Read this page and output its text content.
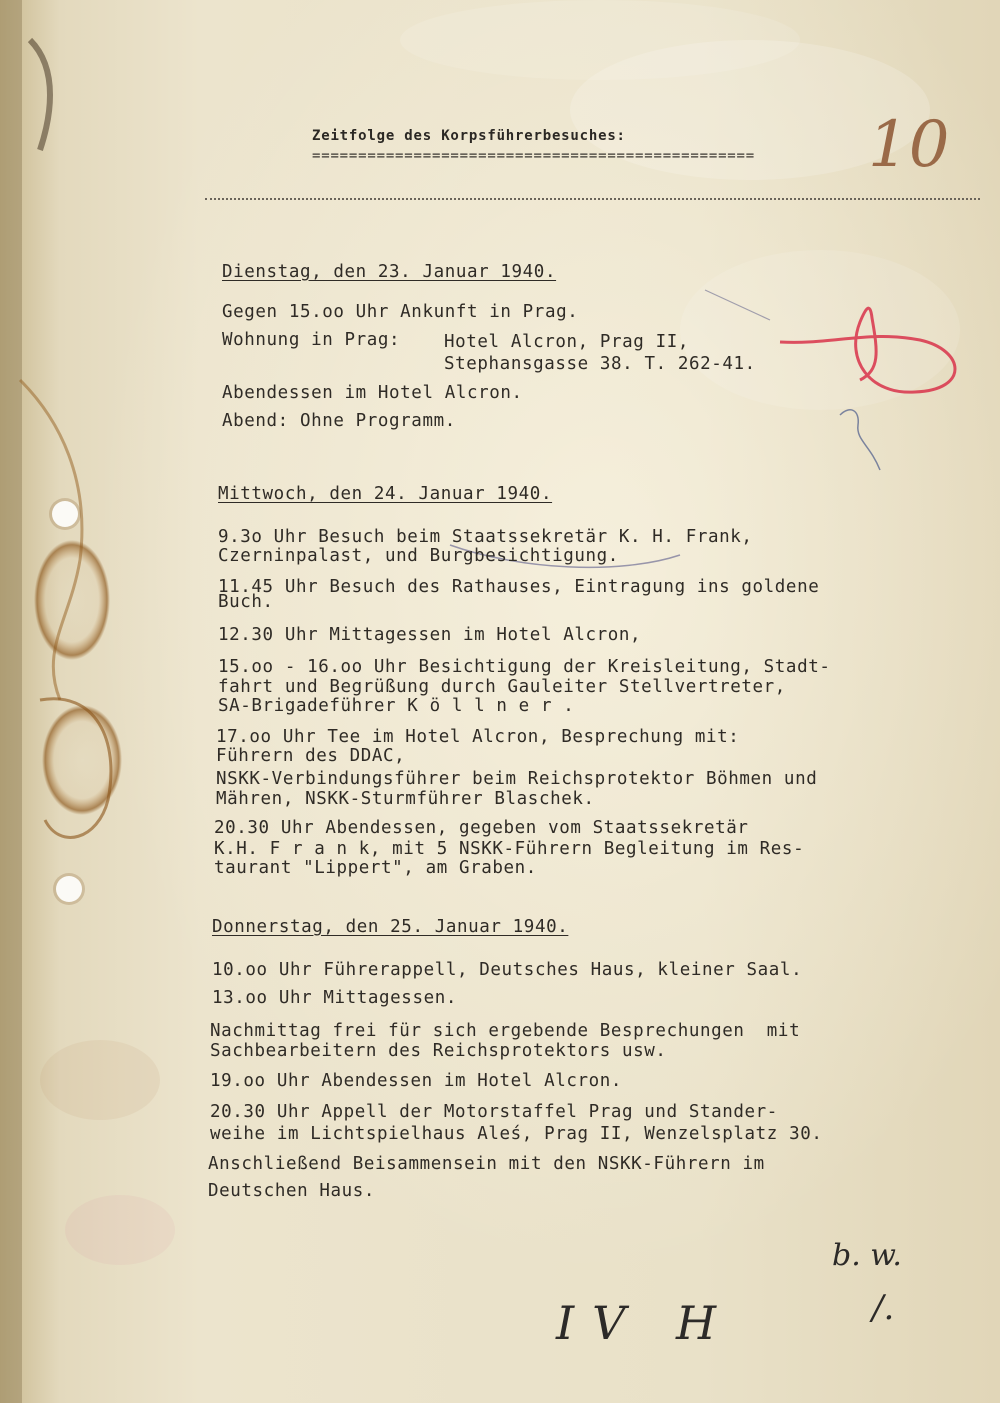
10
Zeitfolge des Korpsführerbesuches:
================================================
Dienstag, den 23. Januar 1940.
Gegen 15.oo Uhr Ankunft in Prag.
Wohnung in Prag:	Hotel Alcron, Prag II,
Stephansgasse 38. T. 262-41.
Abendessen im Hotel Alcron.
Abend: Ohne Programm.
Mittwoch, den 24. Januar 1940.
9.3o Uhr Besuch beim Staatssekretär K. H. Frank,
Czerninpalast, und Burgbesichtigung.
11.45 Uhr Besuch des Rathauses, Eintragung ins goldene
Buch.
12.30 Uhr Mittagessen im Hotel Alcron,
15.oo - 16.oo Uhr Besichtigung der Kreisleitung, Stadt-
fahrt und Begrüßung durch Gauleiter Stellvertreter,
SA-Brigadeführer K ö l l n e r .
17.oo Uhr Tee im Hotel Alcron, Besprechung mit:
Führern des DDAC,
NSKK-Verbindungsführer beim Reichsprotektor Böhmen und
Mähren, NSKK-Sturmführer Blaschek.
20.30 Uhr Abendessen, gegeben vom Staatssekretär
K.H. F r a n k, mit 5 NSKK-Führern Begleitung im Res-
taurant "Lippert", am Graben.
Donnerstag, den 25. Januar 1940.
10.oo Uhr Führerappell, Deutsches Haus, kleiner Saal.
13.oo Uhr Mittagessen.
Nachmittag frei für sich ergebende Besprechungen  mit
Sachbearbeitern des Reichsprotektors usw.
19.oo Uhr Abendessen im Hotel Alcron.
20.30 Uhr Appell der Motorstaffel Prag und Stander-
weihe im Lichtspielhaus Aleś, Prag II, Wenzelsplatz 30.
Anschließend Beisammensein mit den NSKK-Führern im
Deutschen Haus.
b. w.
/.
IV H
